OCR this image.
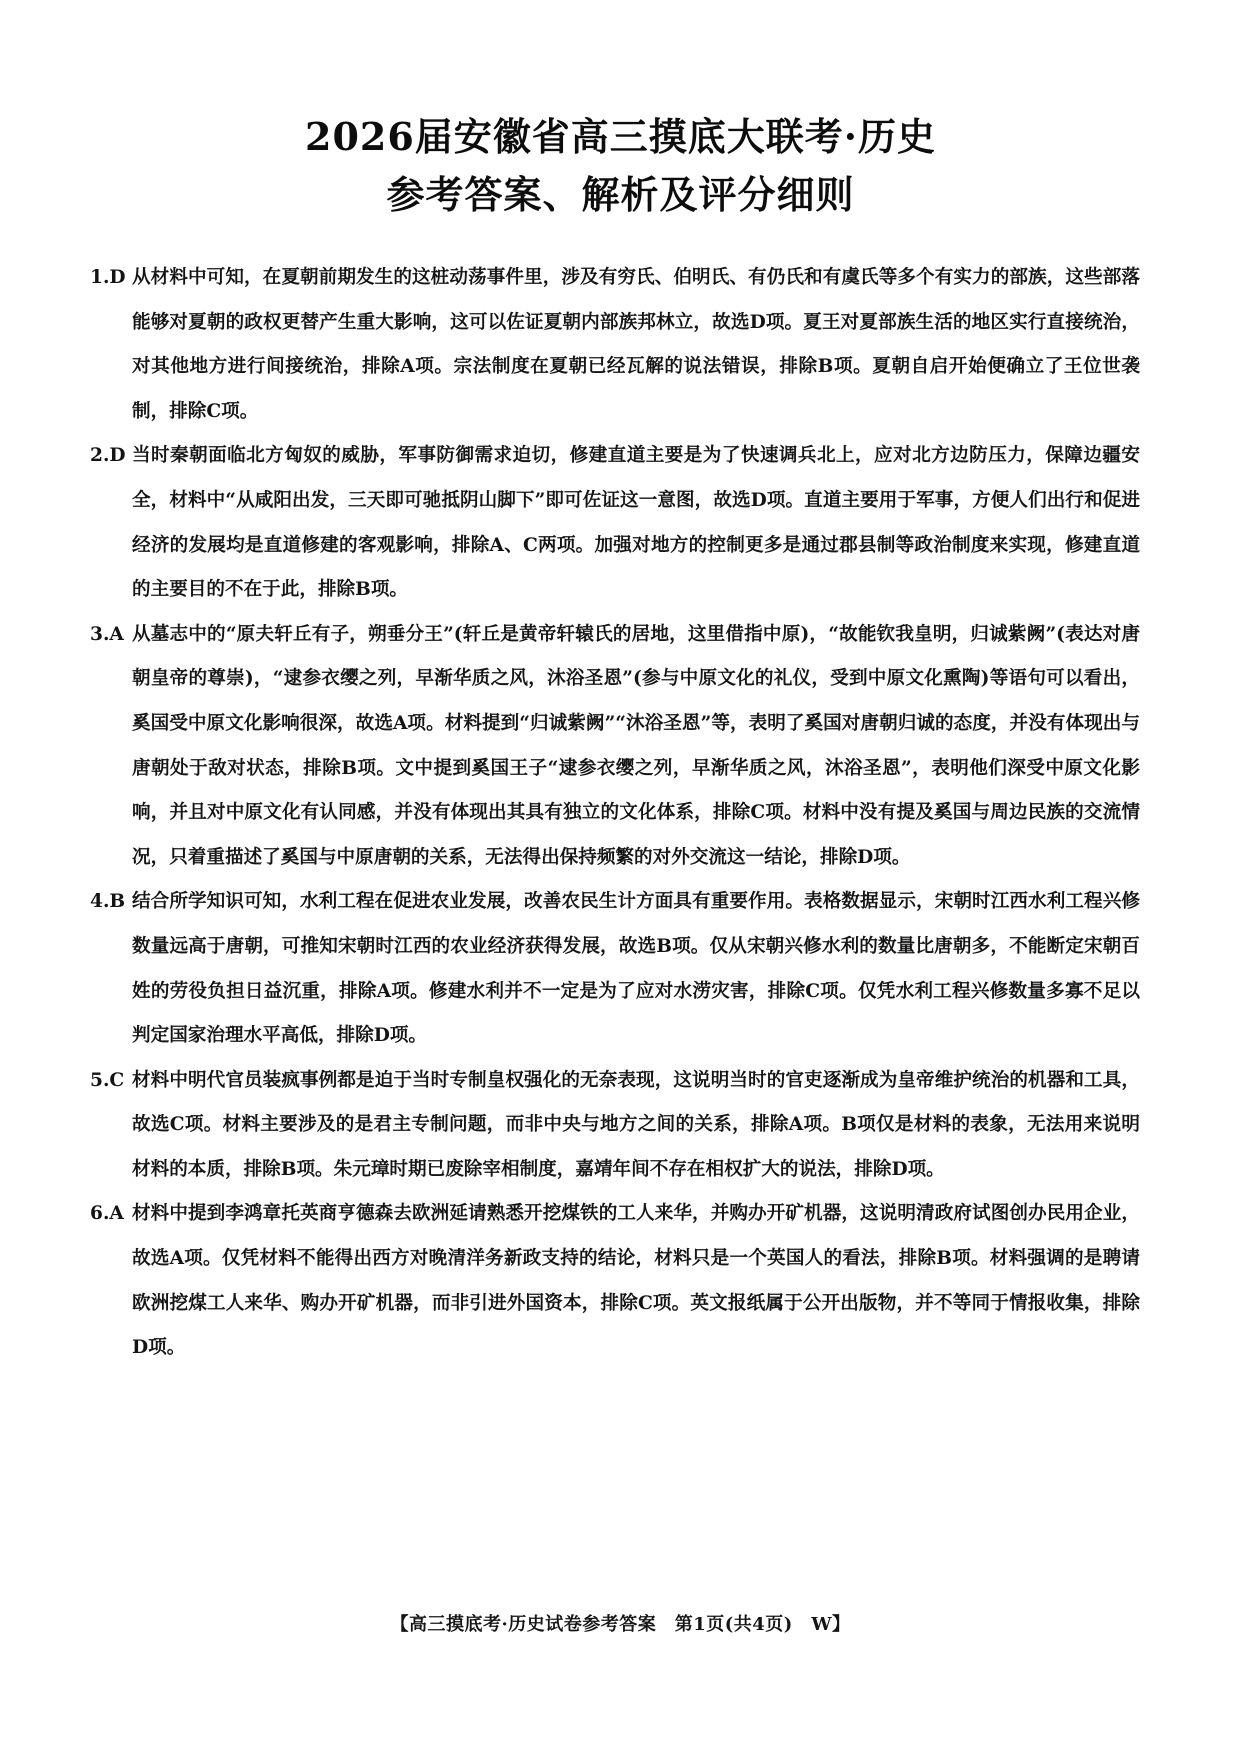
2026届安徽省高三摸底大联考·历史
参考答案、解析及评分细则
1.D 从材料中可知，在夏朝前期发生的这桩动荡事件里，涉及有穷氏、伯明氏、有仍氏和有虞氏等多个有实力的部族，这些部落能够对夏朝的政权更替产生重大影响，这可以佐证夏朝内部族邦林立，故选D项。夏王对夏部族生活的地区实行直接统治，对其他地方进行间接统治，排除A项。宗法制度在夏朝已经瓦解的说法错误，排除B项。夏朝自启开始便确立了王位世袭制，排除C项。
2.D 当时秦朝面临北方匈奴的威胁，军事防御需求迫切，修建直道主要是为了快速调兵北上，应对北方边防压力，保障边疆安全，材料中“从咸阳出发，三天即可驰抵阴山脚下”即可佐证这一意图，故选D项。直道主要用于军事，方便人们出行和促进经济的发展均是直道修建的客观影响，排除A、C两项。加强对地方的控制更多是通过郡县制等政治制度来实现，修建直道的主要目的不在于此，排除B项。
3.A 从墓志中的“原夫轩丘有子，朔垂分王”(轩丘是黄帝轩辕氏的居地，这里借指中原)，“故能钦我皇明，归诚紫阙”(表达对唐朝皇帝的尊崇)，“逮参衣缨之列，早渐华质之风，沐浴圣恩”(参与中原文化的礼仪，受到中原文化熏陶)等语句可以看出，奚国受中原文化影响很深，故选A项。材料提到“归诚紫阙”“沐浴圣恩”等，表明了奚国对唐朝归诚的态度，并没有体现出与唐朝处于敌对状态，排除B项。文中提到奚国王子“逮参衣缨之列，早渐华质之风，沐浴圣恩”，表明他们深受中原文化影响，并且对中原文化有认同感，并没有体现出其具有独立的文化体系，排除C项。材料中没有提及奚国与周边民族的交流情况，只着重描述了奚国与中原唐朝的关系，无法得出保持频繁的对外交流这一结论，排除D项。
4.B 结合所学知识可知，水利工程在促进农业发展，改善农民生计方面具有重要作用。表格数据显示，宋朝时江西水利工程兴修数量远高于唐朝，可推知宋朝时江西的农业经济获得发展，故选B项。仅从宋朝兴修水利的数量比唐朝多，不能断定宋朝百姓的劳役负担日益沉重，排除A项。修建水利并不一定是为了应对水涝灾害，排除C项。仅凭水利工程兴修数量多寡不足以判定国家治理水平高低，排除D项。
5.C 材料中明代官员装疯事例都是迫于当时专制皇权强化的无奈表现，这说明当时的官吏逐渐成为皇帝维护统治的机器和工具，故选C项。材料主要涉及的是君主专制问题，而非中央与地方之间的关系，排除A项。B项仅是材料的表象，无法用来说明材料的本质，排除B项。朱元璋时期已废除宰相制度，嘉靖年间不存在相权扩大的说法，排除D项。
6.A 材料中提到李鸿章托英商亨德森去欧洲延请熟悉开挖煤铁的工人来华，并购办开矿机器，这说明清政府试图创办民用企业，故选A项。仅凭材料不能得出西方对晚清洋务新政支持的结论，材料只是一个英国人的看法，排除B项。材料强调的是聘请欧洲挖煤工人来华、购办开矿机器，而非引进外国资本，排除C项。英文报纸属于公开出版物，并不等同于情报收集，排除D项。
【高三摸底考·历史试卷参考答案　第1页(共4页)　W】
